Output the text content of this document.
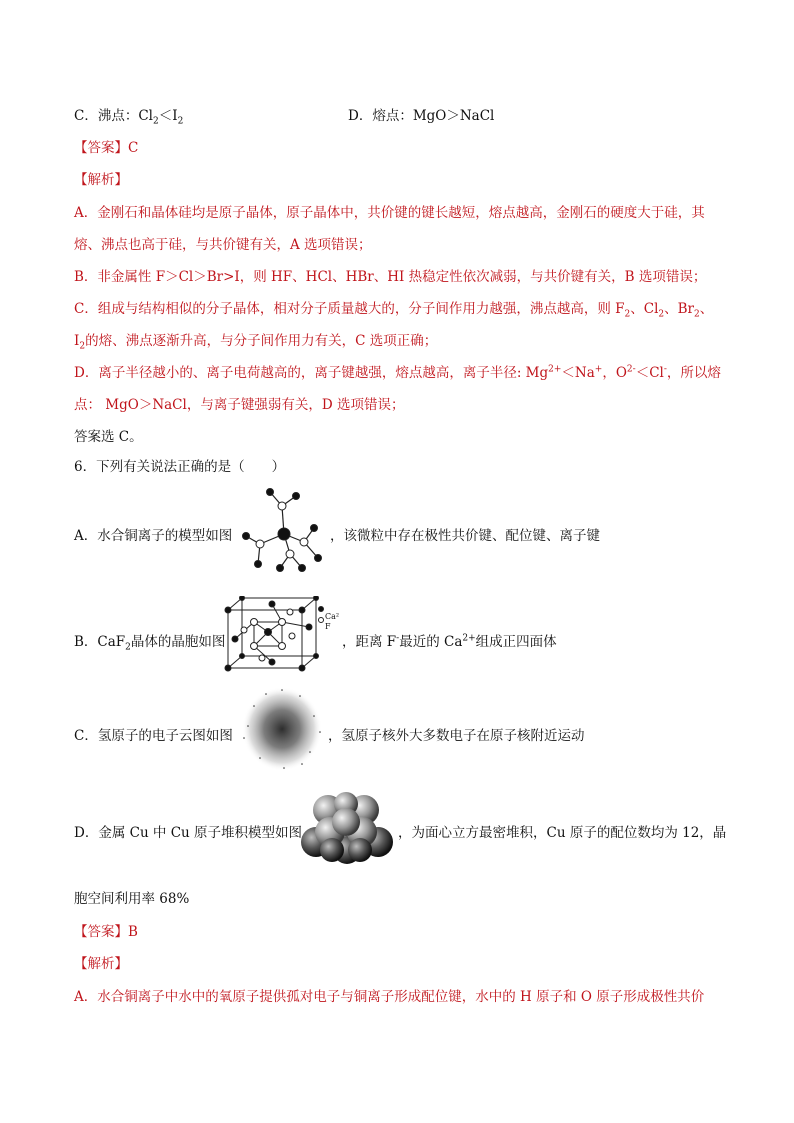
C．沸点：$Cl_2<I_2$	D．熔点：MgO＞NaCl
【答案】C
【解析】
A．金刚石和晶体硅均是原子晶体，原子晶体中，共价键的键长越短，熔点越高，金刚石的硬度大于硅，其
熔、沸点也高于硅，与共价键有关，A 选项错误；
B．非金属性 F＞Cl＞Br>I，则 HF、HCl、HBr、HI 热稳定性依次减弱，与共价键有关，B 选项错误；
C．组成与结构相似的分子晶体，相对分子质量越大的，分子间作用力越强，沸点越高，则 $F_2$、$Cl_2$、$Br_2$、
$I_2$的熔、沸点逐渐升高，与分子间作用力有关，C 选项正确；
D．离子半径越小的、离子电荷越高的，离子键越强，熔点越高，离子半径: $Mg^{2+}<Na^+$，$O^{2-}<Cl^-$，所以熔
点： MgO＞NaCl，与离子键强弱有关，D 选项错误；
答案选 C。
6．下列有关说法正确的是（　　）
A．水合铜离子的模型如图	，该微粒中存在极性共价键、配位键、离子键
B．CaF$_2$晶体的晶胞如图
Ca²
F
，距离 F-最近的 $Ca^{2+}$组成正四面体
C．氢原子的电子云图如图	，氢原子核外大多数电子在原子核附近运动
D．金属 Cu 中 Cu 原子堆积模型如图	，为面心立方最密堆积，Cu 原子的配位数均为 12，晶
胞空间利用率 68%
【答案】B
【解析】
A．水合铜离子中水中的氧原子提供孤对电子与铜离子形成配位键，水中的 H 原子和 O 原子形成极性共价
